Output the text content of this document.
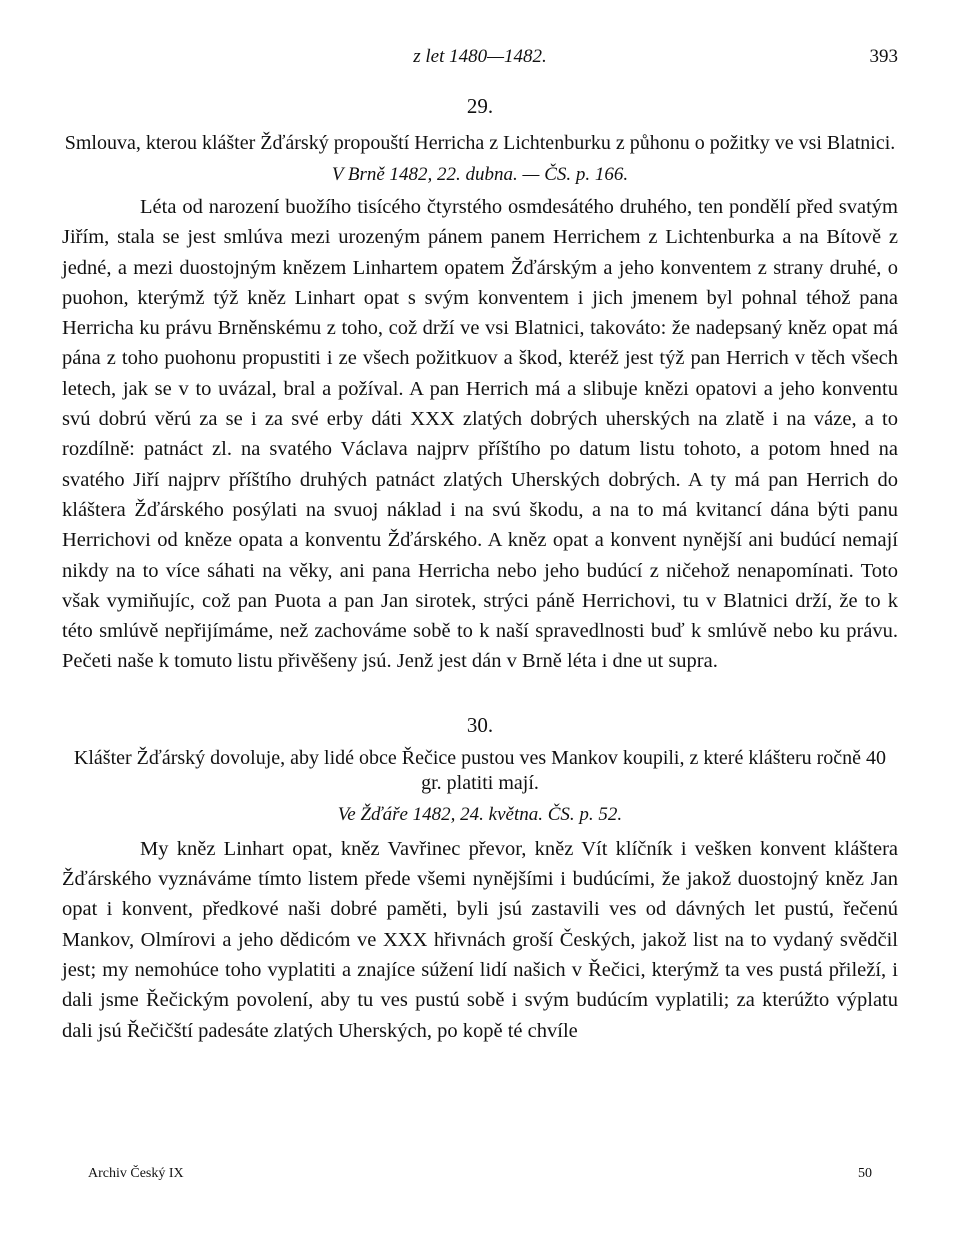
z let 1480—1482.	393
29.
Smlouva, kterou klášter Žďárský propouští Herricha z Lichtenburku z půhonu o požitky ve vsi Blatnici.
V Brně 1482, 22. dubna. — ČS. p. 166.

Léta od narození buožího tisícého čtyrstého osmdesátého druhého, ten pondělí před svatým Jiřím, stala se jest smlúva mezi urozeným pánem panem Herrichem z Lichtenburka a na Bítově z jedné, a mezi duostojným knězem Linhartem opatem Žďárským a jeho konventem z strany druhé, o puohon, kterýmž týž kněz Linhart opat s svým konventem i jich jmenem byl pohnal téhož pana Herricha ku právu Brněnskému z toho, což drží ve vsi Blatnici, takováto: že nadepsaný kněz opat má pána z toho puohonu propustiti i ze všech požitkuov a škod, kteréž jest týž pan Herrich v těch všech letech, jak se v to uvázal, bral a požíval. A pan Herrich má a slibuje knězi opatovi a jeho konventu svú dobrú věrú za se i za své erby dáti XXX zlatých dobrých uherských na zlatě i na váze, a to rozdílně: patnáct zl. na svatého Václava najprv příštího po datum listu tohoto, a potom hned na svatého Jiří najprv příštího druhých patnáct zlatých Uherských dobrých. A ty má pan Herrich do kláštera Žďárského posýlati na svuoj náklad i na svú škodu, a na to má kvitancí dána býti panu Herrichovi od kněze opata a konventu Žďárského. A kněz opat a konvent nynější ani budúcí nemají nikdy na to více sáhati na věky, ani pana Herricha nebo jeho budúcí z ničehož nenapomínati. Toto však vymiňujíc, což pan Puota a pan Jan sirotek, strýci páně Herrichovi, tu v Blatnici drží, že to k této smlúvě nepřijímáme, než zachováme sobě to k naší spravedlnosti buď k smlúvě nebo ku právu. Pečeti naše k tomuto listu přivěšeny jsú. Jenž jest dán v Brně léta i dne ut supra.

30.
Klášter Žďárský dovoluje, aby lidé obce Řečice pustou ves Mankov koupili, z které klášteru ročně 40 gr. platiti mají.
Ve Žďáře 1482, 24. května. ČS. p. 52.

My kněz Linhart opat, kněz Vavřinec převor, kněz Vít klíčník i vešken konvent kláštera Žďárského vyznáváme tímto listem přede všemi nynějšími i budúcími, že jakož duostojný kněz Jan opat i konvent, předkové naši dobré paměti, byli jsú zastavili ves od dávných let pustú, řečenú Mankov, Olmírovi a jeho dědicóm ve XXX hřivnách groší Českých, jakož list na to vydaný svědčil jest; my nemohúce toho vyplatiti a znajíce súžení lidí našich v Řečici, kterýmž ta ves pustá přileží, i dali jsme Řečickým povolení, aby tu ves pustú sobě i svým budúcím vyplatili; za kterúžto výplatu dali jsú Řečičští padesáte zlatých Uherských, po kopě té chvíle

Archiv Český IX	50
